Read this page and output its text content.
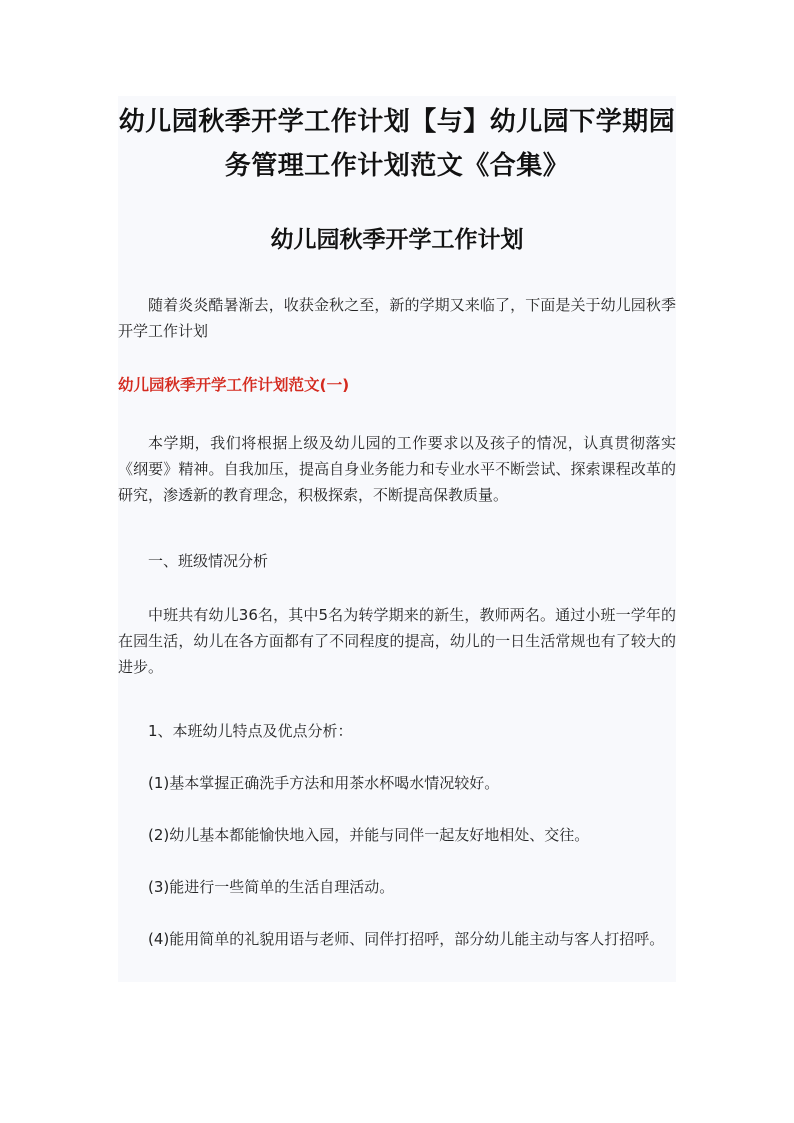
幼儿园秋季开学工作计划【与】幼儿园下学期园务管理工作计划范文《合集》
幼儿园秋季开学工作计划

随着炎炎酷暑渐去，收获金秋之至，新的学期又来临了，下面是关于幼儿园秋季开学工作计划

幼儿园秋季开学工作计划范文(一)

本学期，我们将根据上级及幼儿园的工作要求以及孩子的情况，认真贯彻落实《纲要》精神。自我加压，提高自身业务能力和专业水平不断尝试、探索课程改革的研究，渗透新的教育理念，积极探索，不断提高保教质量。

一、班级情况分析

中班共有幼儿36名，其中5名为转学期来的新生，教师两名。通过小班一学年的在园生活，幼儿在各方面都有了不同程度的提高，幼儿的一日生活常规也有了较大的进步。

1、本班幼儿特点及优点分析：

(1)基本掌握正确洗手方法和用茶水杯喝水情况较好。

(2)幼儿基本都能愉快地入园，并能与同伴一起友好地相处、交往。

(3)能进行一些简单的生活自理活动。

(4)能用简单的礼貌用语与老师、同伴打招呼，部分幼儿能主动与客人打招呼。
